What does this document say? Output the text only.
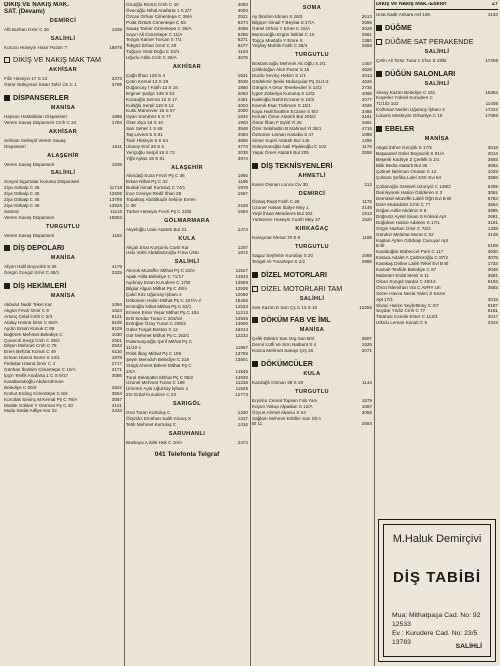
DİKİŞ VE NAKIŞ MAK.
SAT. (Devamı)
DEMİRCİ
Afit Burhan İzmir C 36	1239
SALİHLİ
Korucu Hüseyin Hasır Pazarı 7	18878
DİKİŞ VE NAKIŞ MAK TAM
AKHİSAR
Filiz Hüseyin 17 S 13	2373
Gürer Süleyman İnsan Tahir Ün C 1	3769
DİSPANSERLER
MANİSA
Hayvan Hastalıkları Dispanseri	1899
Verem Savaş Dispanseri Cmh C 34	1794
AKHİSAR
Selman Selimpil Verem Savaş
Dispanseri	1611
ALAŞEHİR
Verem Savaş Dispanseri	1539
SALİHLİ
Sosyal Sigortalar Kurumu Dispanseri
Ziya Gökalp C 46	11718
Ziya Gökalp C 46	12506
Ziya Gökalp C 46	13799
Ziya Gökalp C 46	13526
Santral	11116
Verem Savaş Dispanseri	15502
TURGUTLU
Verem Savaş Dispanseri	1182
DİŞ DEPOLARI
MANİSA
Afyon Halil Boyacılık S 26	4179
Dergin Cengiz İzmir C 48/1	3325
DİŞ HEKİMLERİ
MANİSA
Akbulut Nadir Tekel Kar	1094
Akgün Fevzi İzmir C 9	1624
Artunç Celal Cmh C 5/3	6121
Atalay Hüsnü İzmir C 80/A	6105
Aydın Ersan Konuk C 89	6129
Bağören Mehmet Belediye C	1030
Çınarcık Sevgi Cmh C 29/2	2501
Dilşen Mehmet Cmh C 75	2543
Erem Behzat Konuk C 49	6110
Erman Hüsnü Sezer S 14/1	1878
Fedakar Hüsnü İzmir C 4	2717
Günhan İbrahim Cimentepe C 10/A	2171
İpçin Tevfik Anafarta 1 C S 9/17	3056
Karabacakoğlu Abdurrahman
Belediye C 60/2	2822
Korkut Erding Cimentepe C 8/2	3554
Korutlak Sevinç M.Kemal Pş C 78/A	3057
Mutlak Gülsen Y Otomon Pş C 40	4121
Mutlu Sedat Adliye Kar 22	2233
Oruoğlu Remzi Cmh C 40	3083
Övecoğlu Nihal Anafarta 1 S 2/7	3003
Özcan Orhan Cimentepe C 39/A	2521
Polat Öztürk Cimentepe C 53	6274
Savaş Tamer Cimentepe C 36/A	3068
Sayın Ali Cimentepe C 11/A	6255
Tezgin Kamer Turcan S 7/1	6271
Tokgöz Erhan İzmir C 29	6277
Tuğcan Yetal Doğu C 53/1	1104
Uğurlu Atilla Cmh C 26/A	3676
AKHİSAR
Çağlı İlhan 128 S 4	1531
Çetin Kemal 13 S 28	3538
Doğancay İ Fatih 13 S 16	1860
Erginer Şatiye 145 S 53	2063
Kocaoğlu Semra 12 S 17	2451
Kulöğlu Serpil 115 S 12	4004
Kutlu Münevver 15 S 67	2060
Oyan Sümmez 5 S 77	1842
Özer Ziya 18 S 10	1903
Sarı Seher 1 S 68	3548
Taş Levent 5 S 81	4084
Tavlı Hüseyin 5 S 54	3555
Ulusoy Erol 26 S 5	4774
Yeriçoğlu Serpil 19 S 72	2038
Yiğit Aytan 19 S 81	3974
ALAŞEHİR
Altındağ Suna Fevzi Pş C 36	1866
Erkan Nihat Pş C 32	1186
Budak İsmail Kurtuluş C 74/1	1978
İnce Cevriye Redif İlhan 28	1667
Topaktaş Abdülkadir Sekine Evren
C 38	2228
Türker Hüseyin Fevzi Pş C 22/B	1994
GÖLMARMARA
Akyeloğlu Utuk Atatürk Bul 21	1474
KULA
Akçalı Esat Kurşunlu Cami Kar	1207
Uslu Vahit Abdülazizoğlu Fıtna Üstü	1872
SALİHLİ
Altınok Muzaffer Mithat Pş C 23/A	11527
Apak Atilla Belediye C 71/17	14943
Aydınay Ertan Kurudere C 17/B	13959
Bilgiar Algun Mithat Pş C 49/A	12536
Çakıl Kirz Uğurosy İşhanı 2	12080
Dökümen Halim Mithat Pş C 187/A-2	18456
Emiroğlu Nihat Mithat Pş C 92/1	12533
Emsen Emin Yeşar Mithat Pş C 104	11213
Ertil Serdar Turan C 203/18	14925
Erdoğan Özay Turan C 208/2	13900
Güler Turgut Bostan S 12	16314
Gür Mehmet Mithat Pş C 193/1	12232
Palamutçuoğlu Şerif Mithat Pş C
11/10-1	11897
Polat İlkay Mithat Pş C 156	13786
Şeyin Memduh Belediye C 218	13801
Sürgit Ahmet Bülent Mithat Pş C
23/A	14546
Tural Selahattin Mithat Pş C 95/2	14930
Uzunel Mehmet Turan C 198	11236
Ümeren Ayla Uğursoy İşhanı 1	11528
Zor Erdal Kurudere C 23	12773
SARIGÖL
Oral Turan Kurtuluş C	1330
Özyıldız Emirhan Salih Cavuş S	1317
Tetik Mehmet Kurtuluş C	1416
SARUHANLI
Bozkaya A Zeki Hük C 10/A	2474
041 Telefonla Telgraf
SOMA
Ay İbrahim İdman S 26/2	2613
Bilgiçer İsmail T Beykal S 27/A	2596
Günel Orhan Y Emre C 15/A	2629
Mumcuoğlu Ergün İstiklal C 10	2661
Topçu Mustafa Y Emre S	1380
Yeşilay Muhlis Fatih C 35/4	2559
TURGUTLU
Bostancıoğlu Mehmet Ak Oğlu S 2/1	1457
Çelikdoğan Akın Pazar S 15	4628
Durdu Sevinç Hekim S 1/1	4013
Gödekmir Şevki Nüfusçular Pş 21/1-2	4626
Güngör A Onur Tenekeciler S 14/2	2736
İçgöz Zekeriya Kurtuluş S 12/2	4066
Kaleloğlu Nahit Eczane S 10/3	2077
Kavruk Esar Türkmen S 15/1	4626
Kaya Halil İbrahim Eczane S 8/3	3465
Kırman Ömer Atatürk Bul 205/2	3161
Ömür İlhan F Eylül Yl 25	1691
Özer Selahattin B Mahmut Yl 38/1	4716
Özsümer Leman Kasaba S 47	1088
Simer Suphi Atatürk Bul 145	1295
Süleymanoğlu Nail Piyaleoğlu C 102	1178
Yaşar Ömer Atatürk Bul 205	2558
DİŞ TEKNİSYENLERİ
AHMETLİ
Kanık Osman Lonca Civ 30	312
DEMİRCİ
Özdaş Raşit Fatih C 26	1175
Uzuner Hasan İttalye Mey 1	2148
Yeşil İhsan Menderes Bul 102	1913
Yurtseven Hüseyin Cumh Mey 47	1520
KIRKAĞAÇ
Karaçınar Mesut 70 S 8	1188
TURGUTLU
Sagaz Seyfettin Kurutlay S 20	1069
Tezgel Ali Tınaztepe S 2/2	4985
DİZEL MOTORLARI
DİZEL MOTORLARI TAM
SALİHLİ
Sarı Kazım E Sarı Çş S 13 S 15	12256
DÖKÜM FAB VE İML
MANİSA
Çelik Döküm San Org San Böl	3607
Demir Lütfi Ve Sırrı Nalbant S 4	1625
Konca Mehmet Sanayi Çrş 16	2071
DÖKÜMCÜLER
KULA
Kazdağlı Osman 38 S 28	1144
TURGUTLU
Eryolcu Cemal Topsan Fab Yanı	1579
Koyun Yakup Alpaslan S 12/A	1067
Özyurt Ahmet Akarsu S 54	3058
Sağlam Mehmet Erbiller San Sit A
Bl 11	2584
Dikiş ve Nakış Mak.-Ebeler	27
Unat Kadir Ankara Asf 136	4134
DÜĞME
DÜĞME SAT PERAKENDE
SALİHLİ
Çetin Ali Ta'sir Tuna C İrfan S 19/B	17298
DÜĞÜN SALONLARI
SALİHLİ
Aksoy Kazım Belediye C 151	15394
Koşerler Yüksel Kurudere C
71/1/D 103	11405
Korkmaz Nedim Uğursoy İşhanı 3	17222
Limanlı Müsleyim Orhanlye C 18	17886
EBELER
MANİSA
Akgül Zühre Gençlik S 17/5	3018
Başaranel Güler Boyacılık S 91/A	2014
Beşerik Kadriye Z Çeriklk S 2/1	3593
Bilik Bedia Atatürk Bul 35	3582
Çetinel Neriman Onaran S 12	1029
Çokücü Şefika Lalel SSK Evi 84	3586
Çobanoğlu Günseri Uzunyol C 148/2	6259
Demiryürek Hatice Gülderen S 3	3061
Demirsel Müzeffe Laleli Öğrt Evi B Bl	6783
Dere Mukaddes Cmh C 77	3564
Doğan Adile Akdeniz S 8	3585
Doğruöz Aysel Sinan S Köksal Apt	2681
Doğukan Hatice Adanev S 17/1	3191
Girgin Nurhan İzmir C 72/2	1338
Gündüz Melahat Murat C 52	3148
Kaplan Ayten Gökbaşı Canuyar Apt
B Bl	6189
Karaboğlar Mübeccel Park C 117	3020
Karaca Adalet A Çalmoroğlu C 97/2	3075
Karakaş Deline Laleli Tekel Evi B Bl	1733
Kamah Tevfide Belediye C 67	3046
Mubetter Erdal Mesir S 11	3581
Olcan Songül Vardar C 40/14	6192
Öncü İslemihan Vot C AVRY Un	3583
Sezer Havva Necla Yalım S Sezer
Apt 17/1	3015
Sivaci Hatice Seyfettiney C 4/7	6187
Soydar Yıldız Cmh C 77	6191
Tütüncü Cemile Enter C 113/3	3017
Utkulu Leman Konuk C 5	3342
M.Haluk Demirçivi
DİŞ TABİBİ
Mua: Mithatpaşa Cad. No: 92 12533
Ev : Kurudere Cad. No: 23/5 13783
SALİHLİ
